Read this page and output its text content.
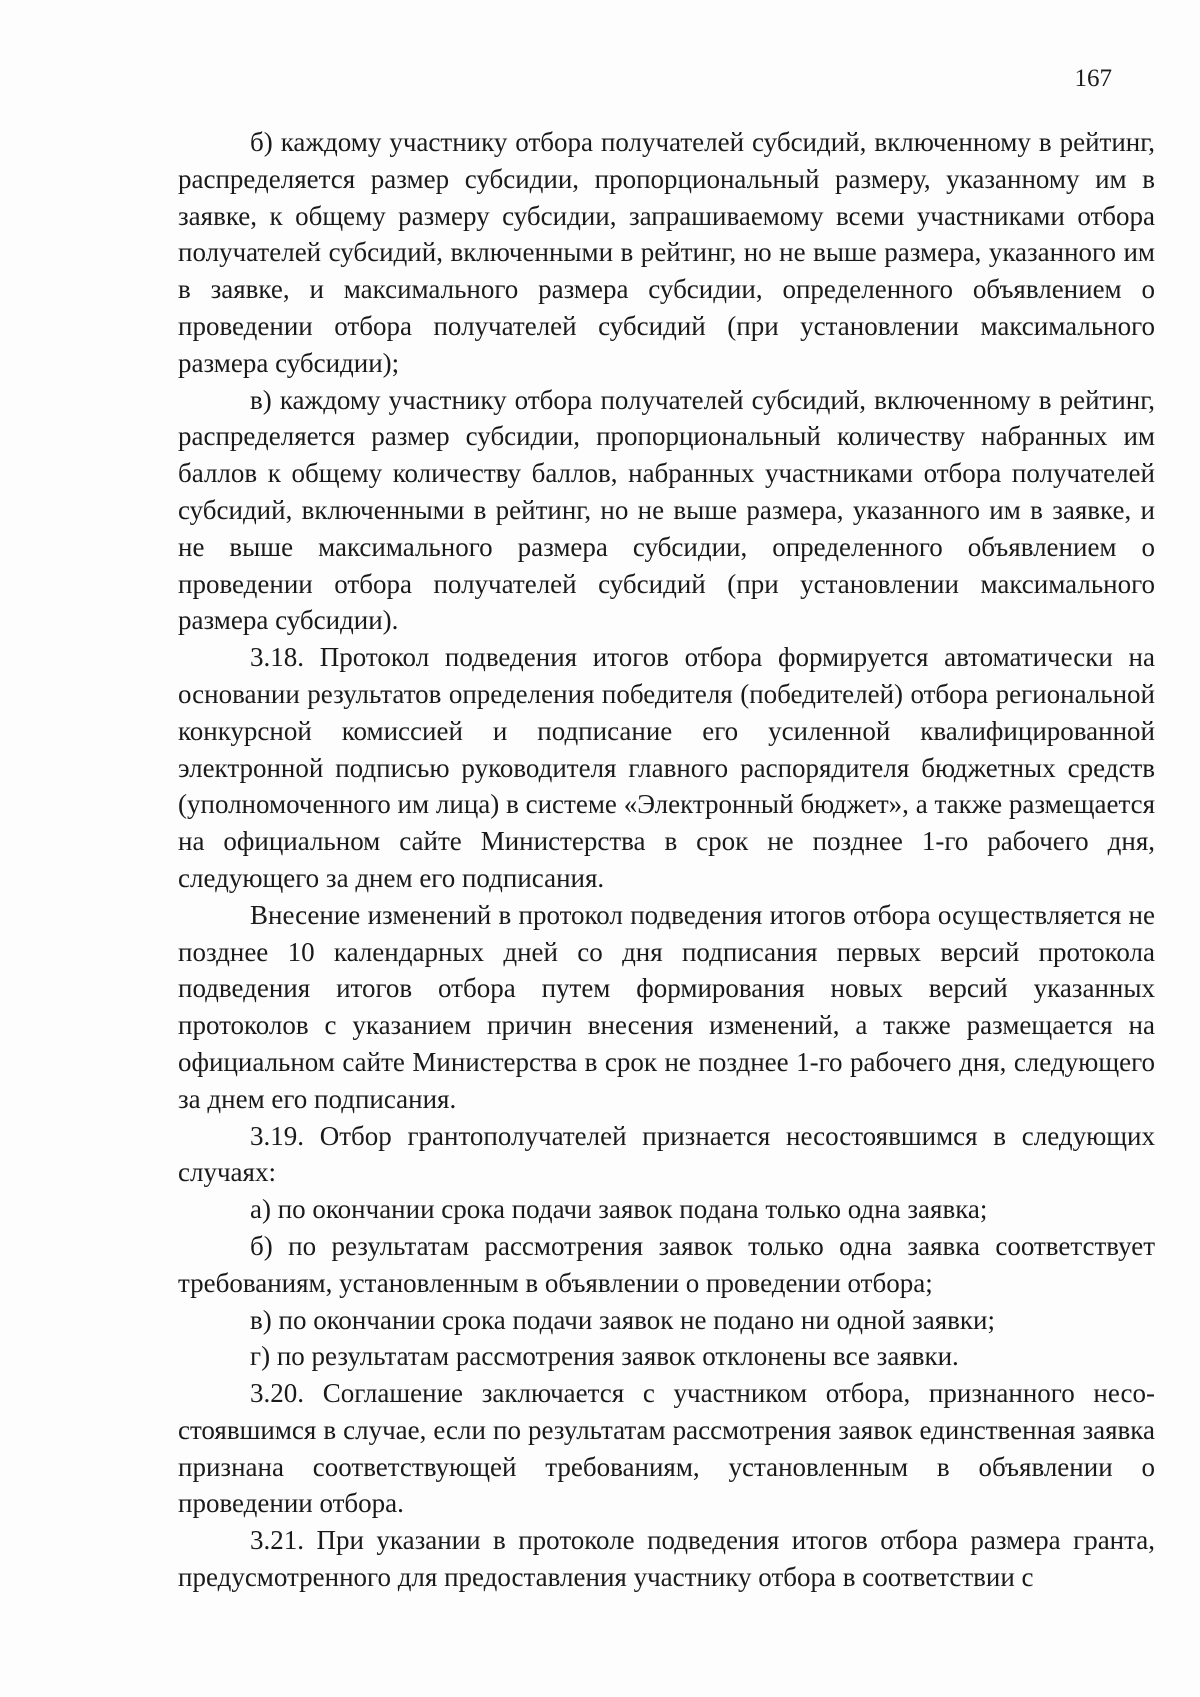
167

б) каждому участнику отбора получателей субсидий, включенному в рейтинг, распределяется размер субсидии, пропорциональный размеру, указанному им в заявке, к общему размеру субсидии, запрашиваемому всеми участниками отбора получателей субсидий, включенными в рейтинг, но не выше размера, указанного им в заявке, и максимального размера субсидии, определенного объявлением о проведении отбора получателей субсидий (при установлении максимального размера субсидии);

в) каждому участнику отбора получателей субсидий, включенному в рейтинг, распределяется размер субсидии, пропорциональный количеству набранных им баллов к общему количеству баллов, набранных участниками отбора получателей субсидий, включенными в рейтинг, но не выше размера, указанного им в заявке, и не выше максимального размера субсидии, определенного объявлением о проведении отбора получателей субсидий (при установлении максимального размера субсидии).

3.18. Протокол подведения итогов отбора формируется автоматически на основании результатов определения победителя (победителей) отбора региональной конкурсной комиссией и подписание его усиленной квалифицированной электронной подписью руководителя главного распорядителя бюджетных средств (уполномоченного им лица) в системе «Электронный бюджет», а также размещается на официальном сайте Министерства в срок не позднее 1-го рабочего дня, следующего за днем его подписания.

Внесение изменений в протокол подведения итогов отбора осуществляется не позднее 10 календарных дней со дня подписания первых версий протокола подведения итогов отбора путем формирования новых версий указанных протоколов с указанием причин внесения изменений, а также размещается на официальном сайте Министерства в срок не позднее 1-го рабочего дня, следующего за днем его подписания.

3.19. Отбор грантополучателей признается несостоявшимся в следующих случаях:

а) по окончании срока подачи заявок подана только одна заявка;

б) по результатам рассмотрения заявок только одна заявка соответствует требованиям, установленным в объявлении о проведении отбора;

в) по окончании срока подачи заявок не подано ни одной заявки;

г) по результатам рассмотрения заявок отклонены все заявки.

3.20. Соглашение заключается с участником отбора, признанного несостоявшимся в случае, если по результатам рассмотрения заявок единственная заявка признана соответствующей требованиям, установленным в объявлении о проведении отбора.

3.21. При указании в протоколе подведения итогов отбора размера гранта, предусмотренного для предоставления участнику отбора в соответствии с
